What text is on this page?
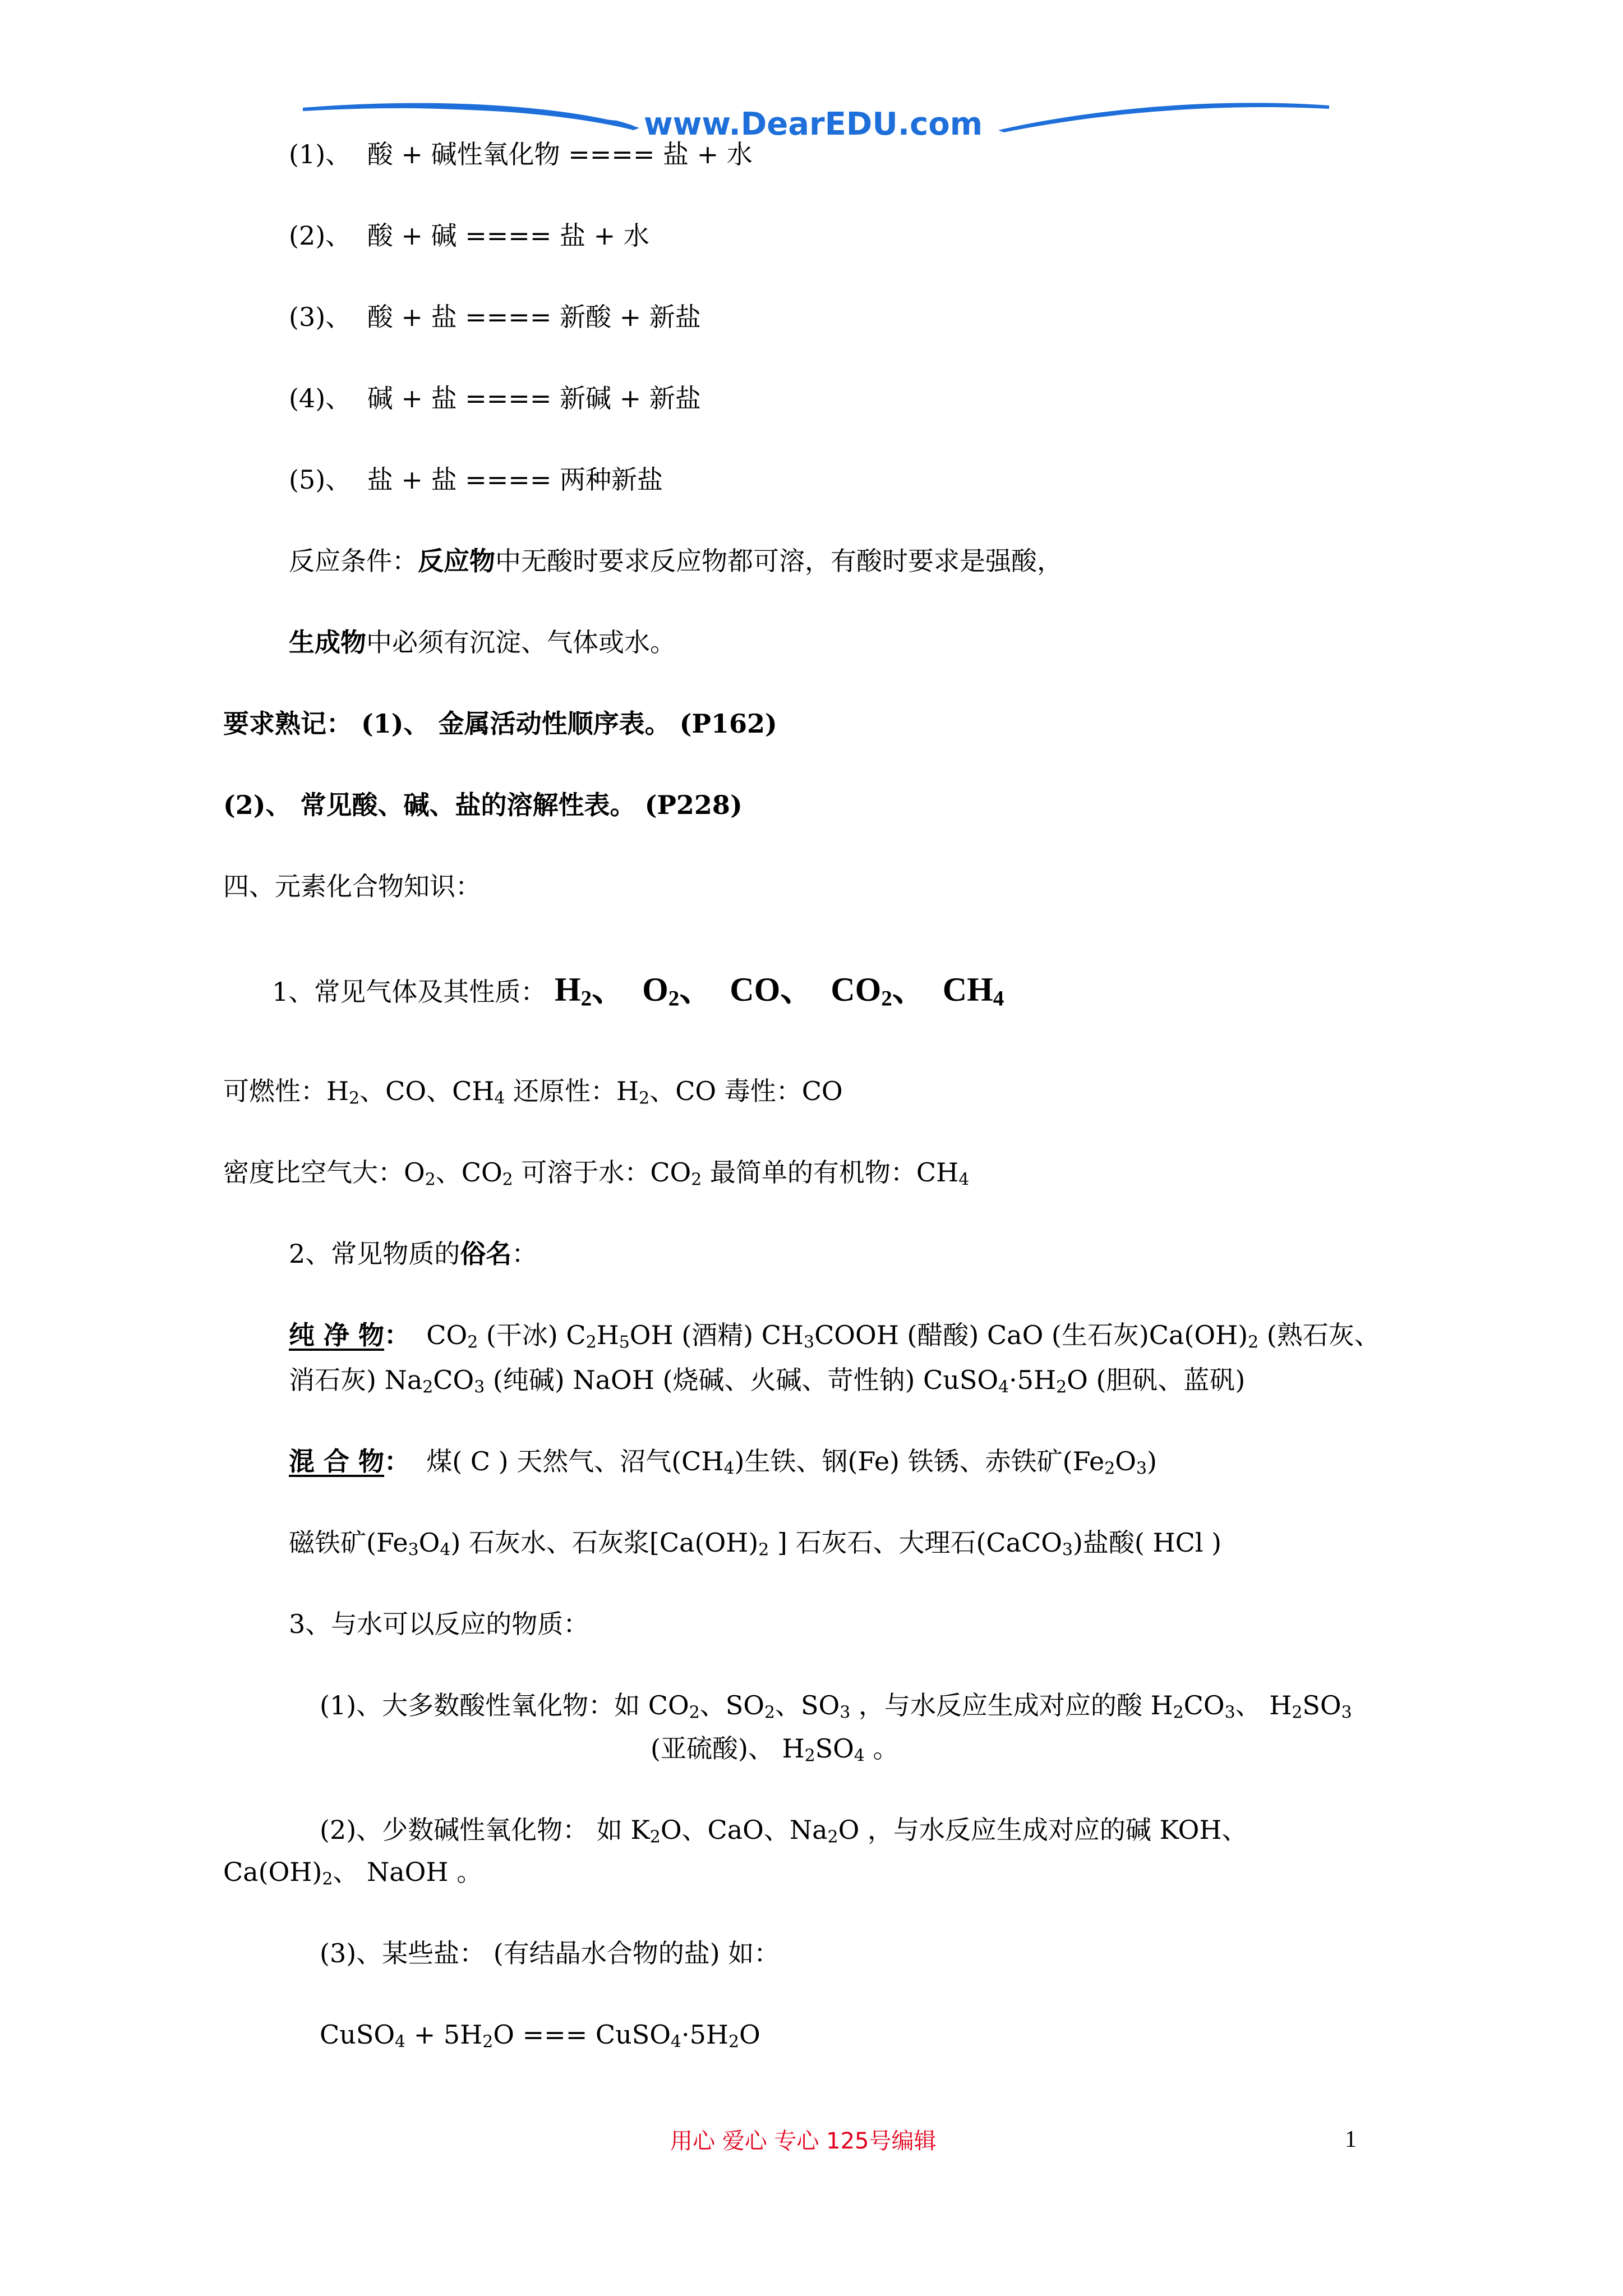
www.DearEDU.com
(1)、 酸 + 碱性氧化物 ==== 盐 + 水
(2)、 酸 + 碱 ==== 盐 + 水
(3)、 酸 + 盐 ==== 新酸 + 新盐
(4)、 碱 + 盐 ==== 新碱 + 新盐
(5)、 盐 + 盐 ==== 两种新盐
反应条件：反应物中无酸时要求反应物都可溶，有酸时要求是强酸，
生成物中必须有沉淀、气体或水。
要求熟记： (1)、 金属活动性顺序表。 (P162)
(2)、 常见酸、碱、盐的溶解性表。 (P228)
四、元素化合物知识：
1、常见气体及其性质： $H_2$、 $O_2$、 CO、 $CO_2$、 $CH_4$
可燃性：$H_2$、CO、$CH_4$ 还原性：$H_2$、CO 毒性：CO
密度比空气大：$O_2$、$CO_2$ 可溶于水：$CO_2$ 最简单的有机物：$CH_4$
2、常见物质的俗名：
纯 净 物： $CO_2$ (干冰) $C_2H_5OH$ (酒精) $CH_3COOH$ (醋酸) CaO (生石灰)$Ca(OH)_2$ (熟石灰、
消石灰) $Na_2CO_3$ (纯碱) NaOH (烧碱、火碱、苛性钠) $CuSO_4\cdot 5H_2O$ (胆矾、蓝矾)
混 合 物：  煤( C ) 天然气、沼气$(CH_4)$生铁、钢(Fe) 铁锈、赤铁矿$(Fe_2O_3)$
磁铁矿$(Fe_3O_4)$ 石灰水、石灰浆[$Ca(OH)_2$ ] 石灰石、大理石(CaCO$_3$)盐酸( HCl )
3、与水可以反应的物质：
(1)、大多数酸性氧化物：如 $CO_2$、$SO_2$、$SO_3$ ，与水反应生成对应的酸 $H_2CO_3$、 $H_2SO_3$
(亚硫酸)、 $H_2SO_4$ 。
(2)、少数碱性氧化物： 如 $K_2O$、CaO、$Na_2O$ ，与水反应生成对应的碱 KOH、
$Ca(OH)_2$、 NaOH 。
(3)、某些盐： (有结晶水合物的盐) 如：
CuSO$_4$ + $5H_2O$ === $CuSO_4\cdot 5H_2O$
用心 爱心 专心 125号编辑	1
